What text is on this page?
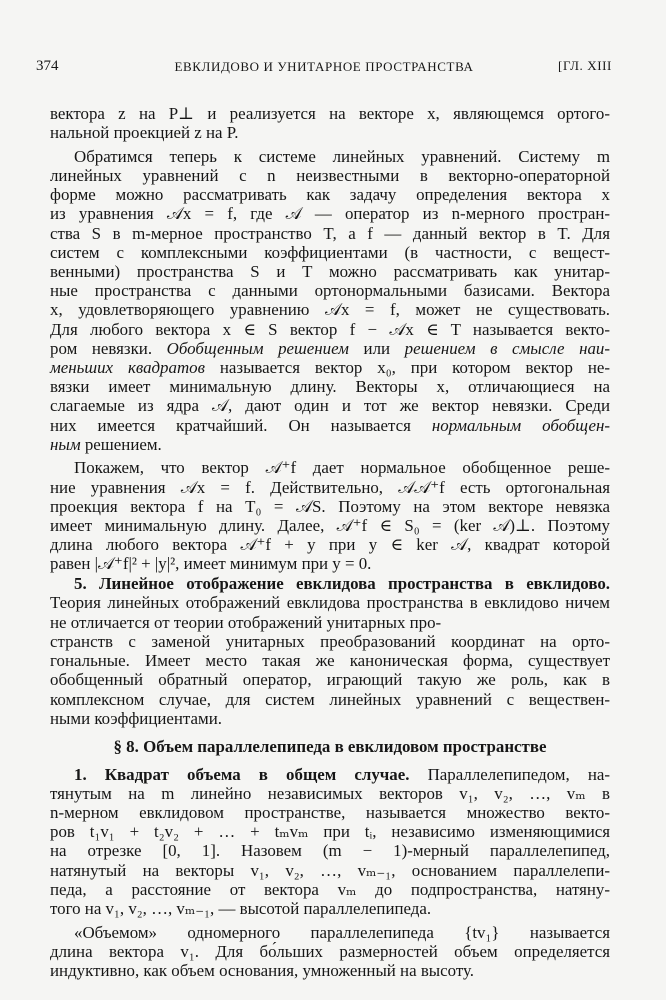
374	ЕВКЛИДОВО И УНИТАРНОЕ ПРОСТРАНСТВА	[ГЛ. XIII
вектора z на P⊥ и реализуется на векторе x, являющемся ортого-
нальной проекцией z на P.
Обратимся теперь к системе линейных уравнений. Систему m
линейных уравнений с n неизвестными в векторно-операторной
форме можно рассматривать как задачу определения вектора x
из уравнения 𝒜x = f, где 𝒜 — оператор из n-мерного простран-
ства S в m-мерное пространство T, а f — данный вектор в T. Для
систем с комплексными коэффициентами (в частности, с вещест-
венными) пространства S и T можно рассматривать как унитар-
ные пространства с данными ортонормальными базисами. Вектора
x, удовлетворяющего уравнению 𝒜x = f, может не существовать.
Для любого вектора x ∈ S вектор f − 𝒜x ∈ T называется векто-
ром невязки. Обобщенным решением или решением в смысле наи-
меньших квадратов называется вектор x₀, при котором вектор не-
вязки имеет минимальную длину. Векторы x, отличающиеся на
слагаемые из ядра 𝒜, дают один и тот же вектор невязки. Среди
них имеется кратчайший. Он называется нормальным обобщен-
ным решением.
Покажем, что вектор 𝒜⁺f дает нормальное обобщенное реше-
ние уравнения 𝒜x = f. Действительно, 𝒜𝒜⁺f есть ортогональная
проекция вектора f на T₀ = 𝒜S. Поэтому на этом векторе невязка
имеет минимальную длину. Далее, 𝒜⁺f ∈ S₀ = (ker 𝒜)⊥. Поэтому
длина любого вектора 𝒜⁺f + y при y ∈ ker 𝒜, квадрат которой
равен |𝒜⁺f|² + |y|², имеет минимум при y = 0.
5. Линейное отображение евклидова пространства в евклидово.
Теория линейных отображений евклидова пространства в евклидово ничем не отличается от теории отображений унитарных про-
странств с заменой унитарных преобразований координат на орто-
гональные. Имеет место такая же каноническая форма, существует
обобщенный обратный оператор, играющий такую же роль, как в
комплексном случае, для систем линейных уравнений с веществен-
ными коэффициентами.
§ 8. Объем параллелепипеда в евклидовом пространстве
1. Квадрат объема в общем случае. Параллелепипедом, на-
тянутым на m линейно независимых векторов v₁, v₂, …, vₘ в
n-мерном евклидовом пространстве, называется множество векто-
ров t₁v₁ + t₂v₂ + … + tₘvₘ при tᵢ, независимо изменяющимися
на отрезке [0, 1]. Назовем (m − 1)-мерный параллелепипед,
натянутый на векторы v₁, v₂, …, vₘ₋₁, основанием параллелепи-
педа, а расстояние от вектора vₘ до подпространства, натяну-
того на v₁, v₂, …, vₘ₋₁, — высотой параллелепипеда.
«Объемом» одномерного параллелепипеда {tv₁} называется
длина вектора v₁. Для бо́льших размерностей объем определяется
индуктивно, как объем основания, умноженный на высоту.
